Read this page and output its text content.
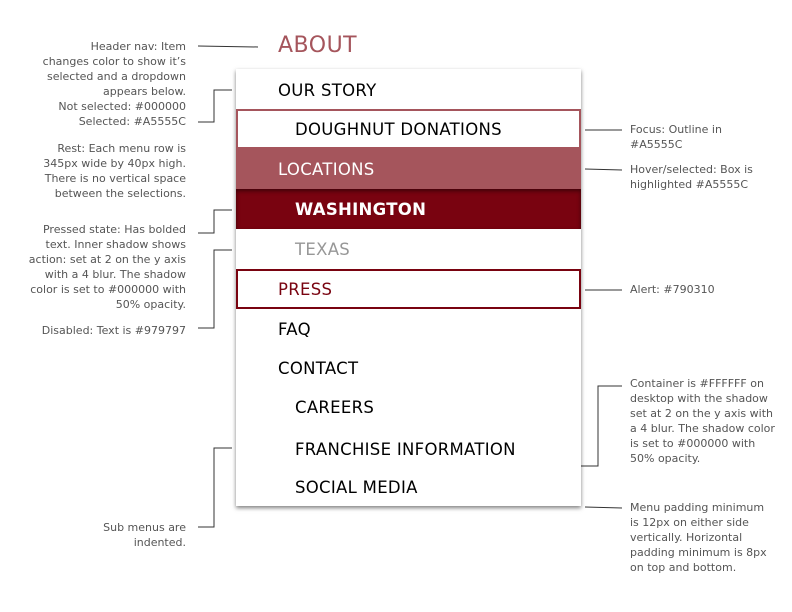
Header nav: Item
changes color to show it’s
selected and a dropdown
appears below.
Not selected: #000000
Selected: #A5555C
Rest: Each menu row is
345px wide by 40px high.
There is no vertical space
between the selections.
Pressed state: Has bolded
text. Inner shadow shows
action: set at 2 on the y axis
with a 4 blur. The shadow
color is set to #000000 with
50% opacity.
Disabled: Text is #979797
Sub menus are
indented.
Focus: Outline in
#A5555C
Hover/selected: Box is
highlighted #A5555C
Alert: #790310
Container is #FFFFFF on
desktop with the shadow
set at 2 on the y axis with
a 4 blur. The shadow color
is set to #000000 with
50% opacity.
Menu padding minimum
is 12px on either side
vertically. Horizontal
padding minimum is 8px
on top and bottom.
ABOUT
OUR STORY
DOUGHNUT DONATIONS
LOCATIONS
WASHINGTON
TEXAS
PRESS
FAQ
CONTACT
CAREERS
FRANCHISE INFORMATION
SOCIAL MEDIA
